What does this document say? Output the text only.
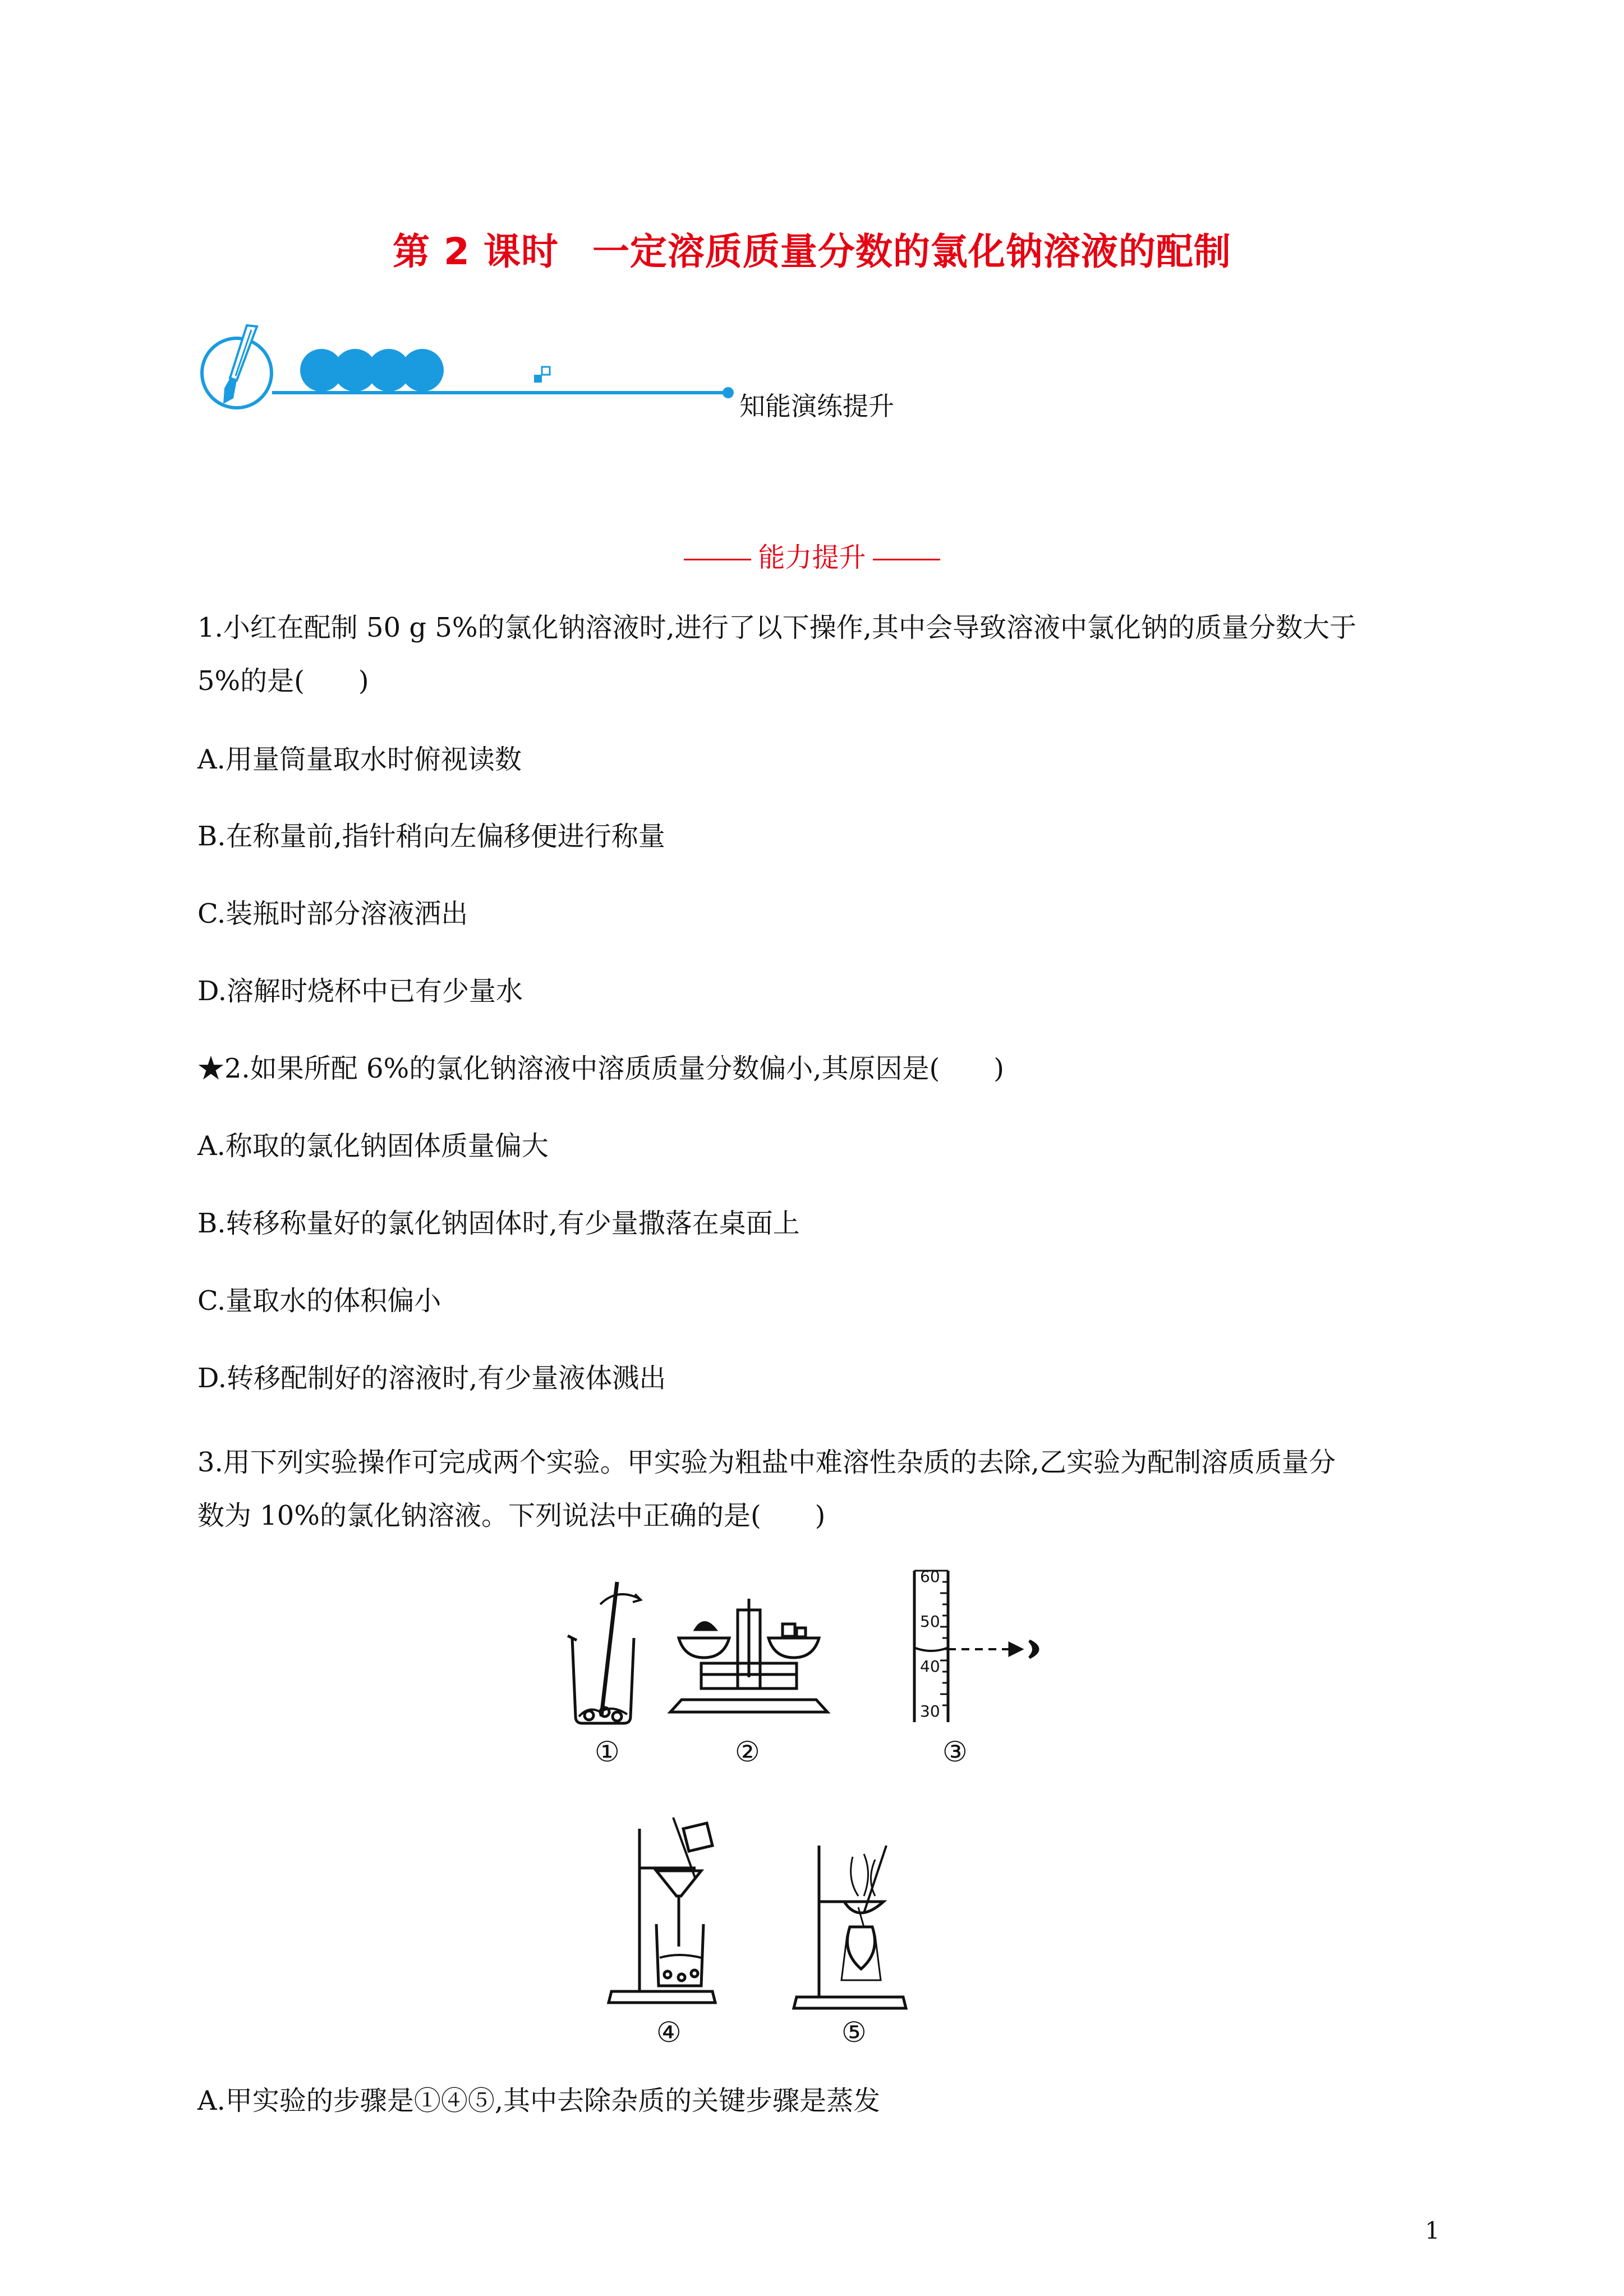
第 2 课时 一定溶质质量分数的氯化钠溶液的配制
知能演练提升
能力提升
1.小红在配制 50 g 5%的氯化钠溶液时,进行了以下操作,其中会导致溶液中氯化钠的质量分数大于
5%的是(　　)
A.用量筒量取水时俯视读数
B.在称量前,指针稍向左偏移便进行称量
C.装瓶时部分溶液洒出
D.溶解时烧杯中已有少量水
★2.如果所配 6%的氯化钠溶液中溶质质量分数偏小,其原因是(　　)
A.称取的氯化钠固体质量偏大
B.转移称量好的氯化钠固体时,有少量撒落在桌面上
C.量取水的体积偏小
D.转移配制好的溶液时,有少量液体溅出
3.用下列实验操作可完成两个实验。甲实验为粗盐中难溶性杂质的去除,乙实验为配制溶质质量分
数为 10%的氯化钠溶液。下列说法中正确的是(　　)
60
50
40
30
①	②	③
④	⑤
A.甲实验的步骤是①④⑤,其中去除杂质的关键步骤是蒸发
1
